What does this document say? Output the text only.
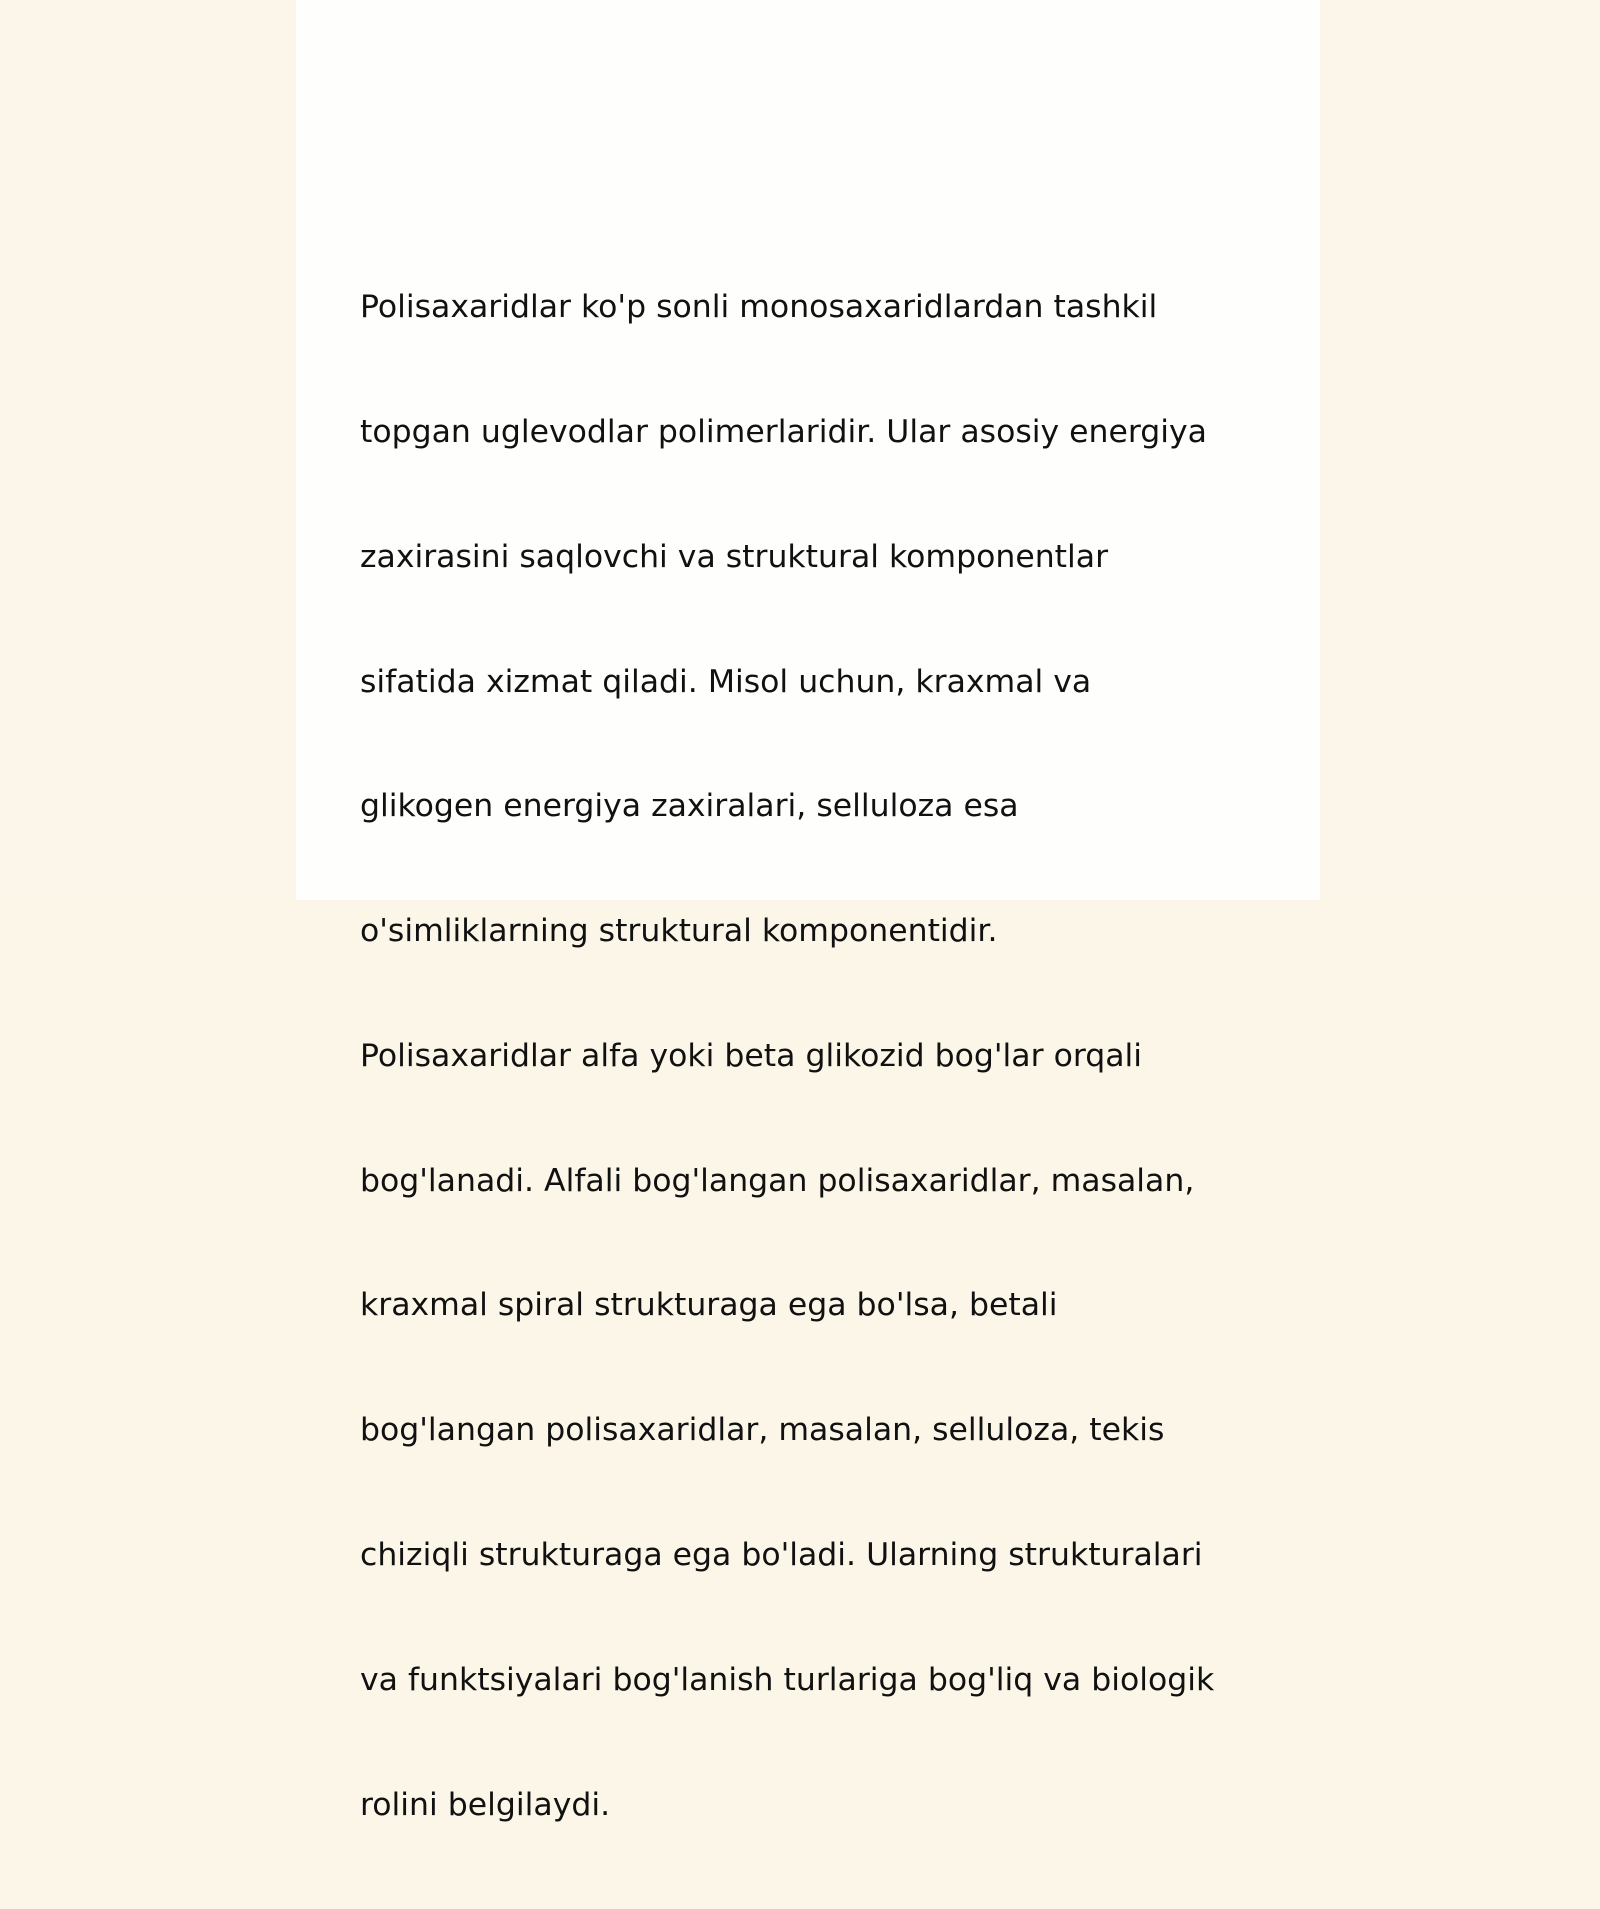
Polisaxaridlar ko'p sonli monosaxaridlardan tashkil

topgan uglevodlar polimerlaridir. Ular asosiy energiya

zaxirasini saqlovchi va struktural komponentlar

sifatida xizmat qiladi. Misol uchun, kraxmal va

glikogen energiya zaxiralari, selluloza esa

o'simliklarning struktural komponentidir.

Polisaxaridlar alfa yoki beta glikozid bog'lar orqali

bog'lanadi. Alfali bog'langan polisaxaridlar, masalan,

kraxmal spiral strukturaga ega bo'lsa, betali

bog'langan polisaxaridlar, masalan, selluloza, tekis

chiziqli strukturaga ega bo'ladi. Ularning strukturalari

va funktsiyalari bog'lanish turlariga bog'liq va biologik

rolini belgilaydi.
